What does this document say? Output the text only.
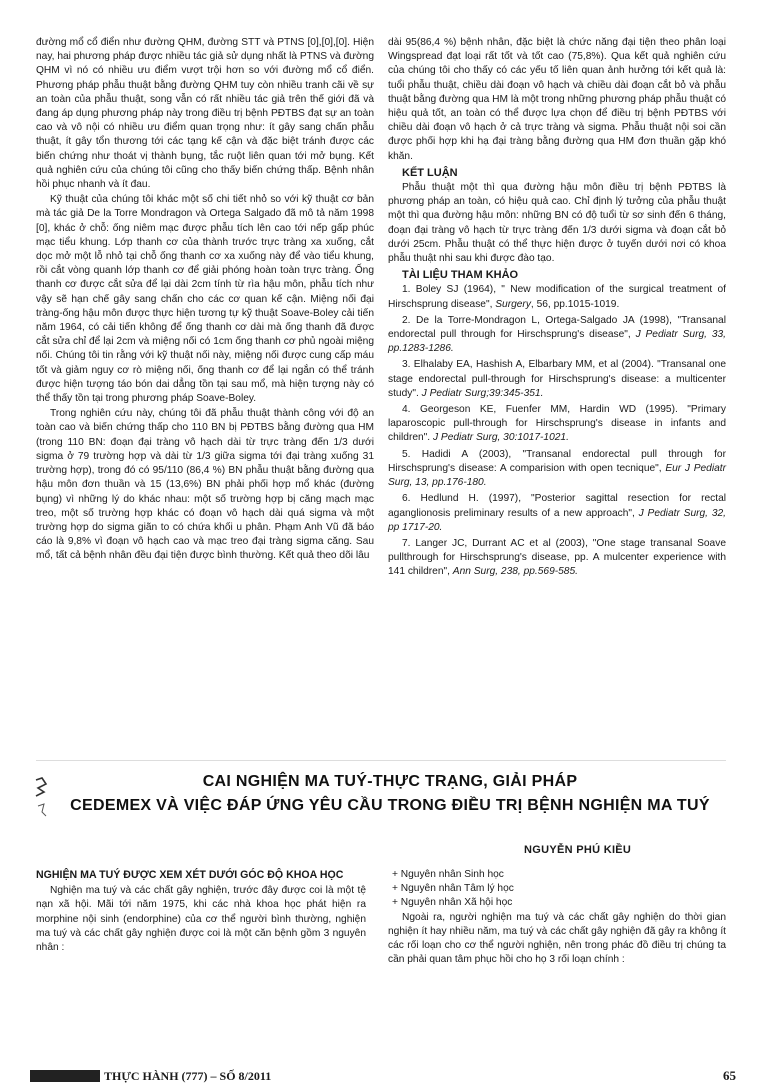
đường mổ cổ điển như đường QHM, đường STT và PTNS [0],[0],[0]. Hiện nay, hai phương pháp được nhiều tác giả sử dụng nhất là PTNS và đường QHM vì nó có nhiều ưu điểm vượt trội hơn so với đường mổ cổ điển. Phương pháp phẫu thuật bằng đường QHM tuy còn nhiều tranh cãi về sự an toàn của phẫu thuật, song vẫn có rất nhiều tác giả trên thế giới đã và đang áp dụng phương pháp này trong điều trị bệnh PĐTBS đạt sự an toàn cao và vô nội có nhiều ưu điểm quan trọng như: ít gây sang chấn phẫu thuật, ít gây tổn thương tới các tạng kế cận và đặc biệt tránh được các biến chứng như thoát vị thành bụng, tắc ruột liên quan tới mở bụng. Kết quả nghiên cứu của chúng tôi cũng cho thấy biến chứng thấp. Bệnh nhân hồi phục nhanh và ít đau.

Kỹ thuật của chúng tôi khác một số chi tiết nhỏ so với kỹ thuật cơ bản mà tác giả De la Torre Mondragon và Ortega Salgado đã mô tả năm 1998 [0], khác ở chỗ: ống niêm mạc được phẫu tích lên cao tới nếp gấp phúc mạc tiểu khung. Lớp thanh cơ của thành trước trực tràng xa xuống, cắt dọc mở một lỗ nhỏ tại chỗ ống thanh cơ xa xuống này để vào tiểu khung, rồi cắt vòng quanh lớp thanh cơ để giải phóng hoàn toàn trực tràng. Ống thanh cơ được cắt sửa để lại dài 2cm tính từ rìa hậu môn, phẫu tích như vậy sẽ hạn chế gây sang chấn cho các cơ quan kế cận. Miệng nối đại tràng-ống hậu môn được thực hiện tương tự kỹ thuật Soave-Boley cải tiến năm 1964, có cải tiến không để ống thanh cơ dài mà ống thanh đã được cắt sửa chỉ để lại 2cm và miệng nối có 1cm ống thanh cơ phủ ngoài miệng nối. Chúng tôi tin rằng với kỹ thuật nối này, miệng nối được cung cấp máu tốt và giảm nguy cơ rò miệng nối, ống thanh cơ để lại ngắn có thể tránh được hiện tượng táo bón dai dẳng tồn tại sau mổ, mà hiện tượng này có thể thấy tồn tại trong phương pháp Soave-Boley.

Trong nghiên cứu này, chúng tôi đã phẫu thuật thành công với độ an toàn cao và biến chứng thấp cho 110 BN bị PĐTBS bằng đường qua HM (trong 110 BN: đoạn đại tràng vô hạch dài từ trực tràng đến 1/3 dưới sigma ở 79 trường hợp và dài từ 1/3 giữa sigma tới đại tràng xuống 31 trường hợp), trong đó có 95/110 (86,4 %) BN phẫu thuật bằng đường qua hậu môn đơn thuần và 15 (13,6%) BN phải phối hợp mổ khác (đường bụng) vì những lý do khác nhau: một số trường hợp bị căng mạch mạc treo, một số trường hợp khác có đoạn vô hạch dài quá sigma và một trường hợp do sigma giãn to có chứa khối u phân. Phạm Anh Vũ đã báo cáo là 9,8% vì đoạn vô hạch cao và mạc treo đại tràng sigma căng. Sau mổ, tất cả bệnh nhân đều đại tiện được bình thường. Kết quả theo dõi lâu

dài 95(86,4 %) bệnh nhân, đặc biệt là chức năng đại tiện theo phân loại Wingspread đạt loại rất tốt và tốt cao (75,8%). Qua kết quả nghiên cứu của chúng tôi cho thấy có các yếu tố liên quan ảnh hưởng tới kết quả là: tuổi phẫu thuật, chiều dài đoạn vô hạch và chiều dài đoạn cắt bỏ và phẫu thuật bằng đường qua HM là một trong những phương pháp phẫu thuật có hiệu quả tốt, an toàn có thể được lựa chọn để điều trị bệnh PĐTBS với chiều dài đoạn vô hạch ở cả trực tràng và sigma. Phẫu thuật nội soi cần được phối hợp khi hạ đại tràng bằng đường qua HM đơn thuần gặp khó khăn.

KẾT LUẬN

Phẫu thuật một thì qua đường hậu môn điều trị bệnh PĐTBS là phương pháp an toàn, có hiệu quả cao. Chỉ định lý tưởng của phẫu thuật một thì qua đường hậu môn: những BN có độ tuổi từ sơ sinh đến 6 tháng, đoạn đại tràng vô hạch từ trực tràng đến 1/3 dưới sigma và đoạn cắt bỏ dưới 25cm. Phẫu thuật có thể thực hiện được ở tuyến dưới nơi có khoa phẫu thuật nhi sau khi được đào tạo.

TÀI LIỆU THAM KHẢO
1. Boley SJ (1964), " New modification of the surgical treatment of Hirschsprung disease", Surgery, 56, pp.1015-1019.
2. De la Torre-Mondragon L, Ortega-Salgado JA (1998), "Transanal endorectal pull through for Hirschsprung's disease", J Pediatr Surg, 33, pp.1283-1286.
3. Elhalaby EA, Hashish A, Elbarbary MM, et al (2004). "Transanal one stage endorectal pull-through for Hirschsprung's disease: a multicenter study". J Pediatr Surg;39:345-351.
4. Georgeson KE, Fuenfer MM, Hardin WD (1995). "Primary laparoscopic pull-through for Hirschsprung's disease in infants and children". J Pediatr Surg, 30:1017-1021.
5. Hadidi A (2003), "Transanal endorectal pull through for Hirschsprung's disease: A comparision with open tecnique", Eur J Pediatr Surg, 13, pp.176-180.
6. Hedlund H. (1997), "Posterior sagittal resection for rectal aganglionosis preliminary results of a new approach", J Pediatr Surg, 32, pp 1717-20.
7. Langer JC, Durrant AC et al (2003), "One stage transanal Soave pullthrough for Hirschsprung's disease, pp. A mulcenter experience with 141 children", Ann Surg, 238, pp.569-585.
CAI NGHIỆN MA TUÝ-THỰC TRẠNG, GIẢI PHÁP
CEDEMEX VÀ VIỆC ĐÁP ỨNG YÊU CẦU TRONG ĐIỀU TRỊ BỆNH NGHIỆN MA TUÝ
NGUYỄN PHÚ KIỀU
NGHIỆN MA TUÝ ĐƯỢC XEM XÉT DƯỚI GÓC ĐỘ KHOA HỌC

Nghiện ma tuý và các chất gây nghiện, trước đây được coi là một tệ nạn xã hội. Mãi tới năm 1975, khi các nhà khoa học phát hiện ra morphine nội sinh (endorphine) của cơ thể người bình thường, nghiện ma tuý và các chất gây nghiện được coi là một căn bệnh gồm 3 nguyên nhân :

+ Nguyên nhân Sinh học
+ Nguyên nhân Tâm lý học
+ Nguyên nhân Xã hội học

Ngoài ra, người nghiện ma tuý và các chất gây nghiện do thời gian nghiện ít hay nhiều năm, ma tuý và các chất gây nghiện đã gây ra không ít các rối loạn cho cơ thể người nghiện, nên trong phác đồ điều trị chúng ta cần phải quan tâm phục hồi cho họ 3 rối loạn chính :

THỰC HÀNH (777) – SỐ 8/2011	65
